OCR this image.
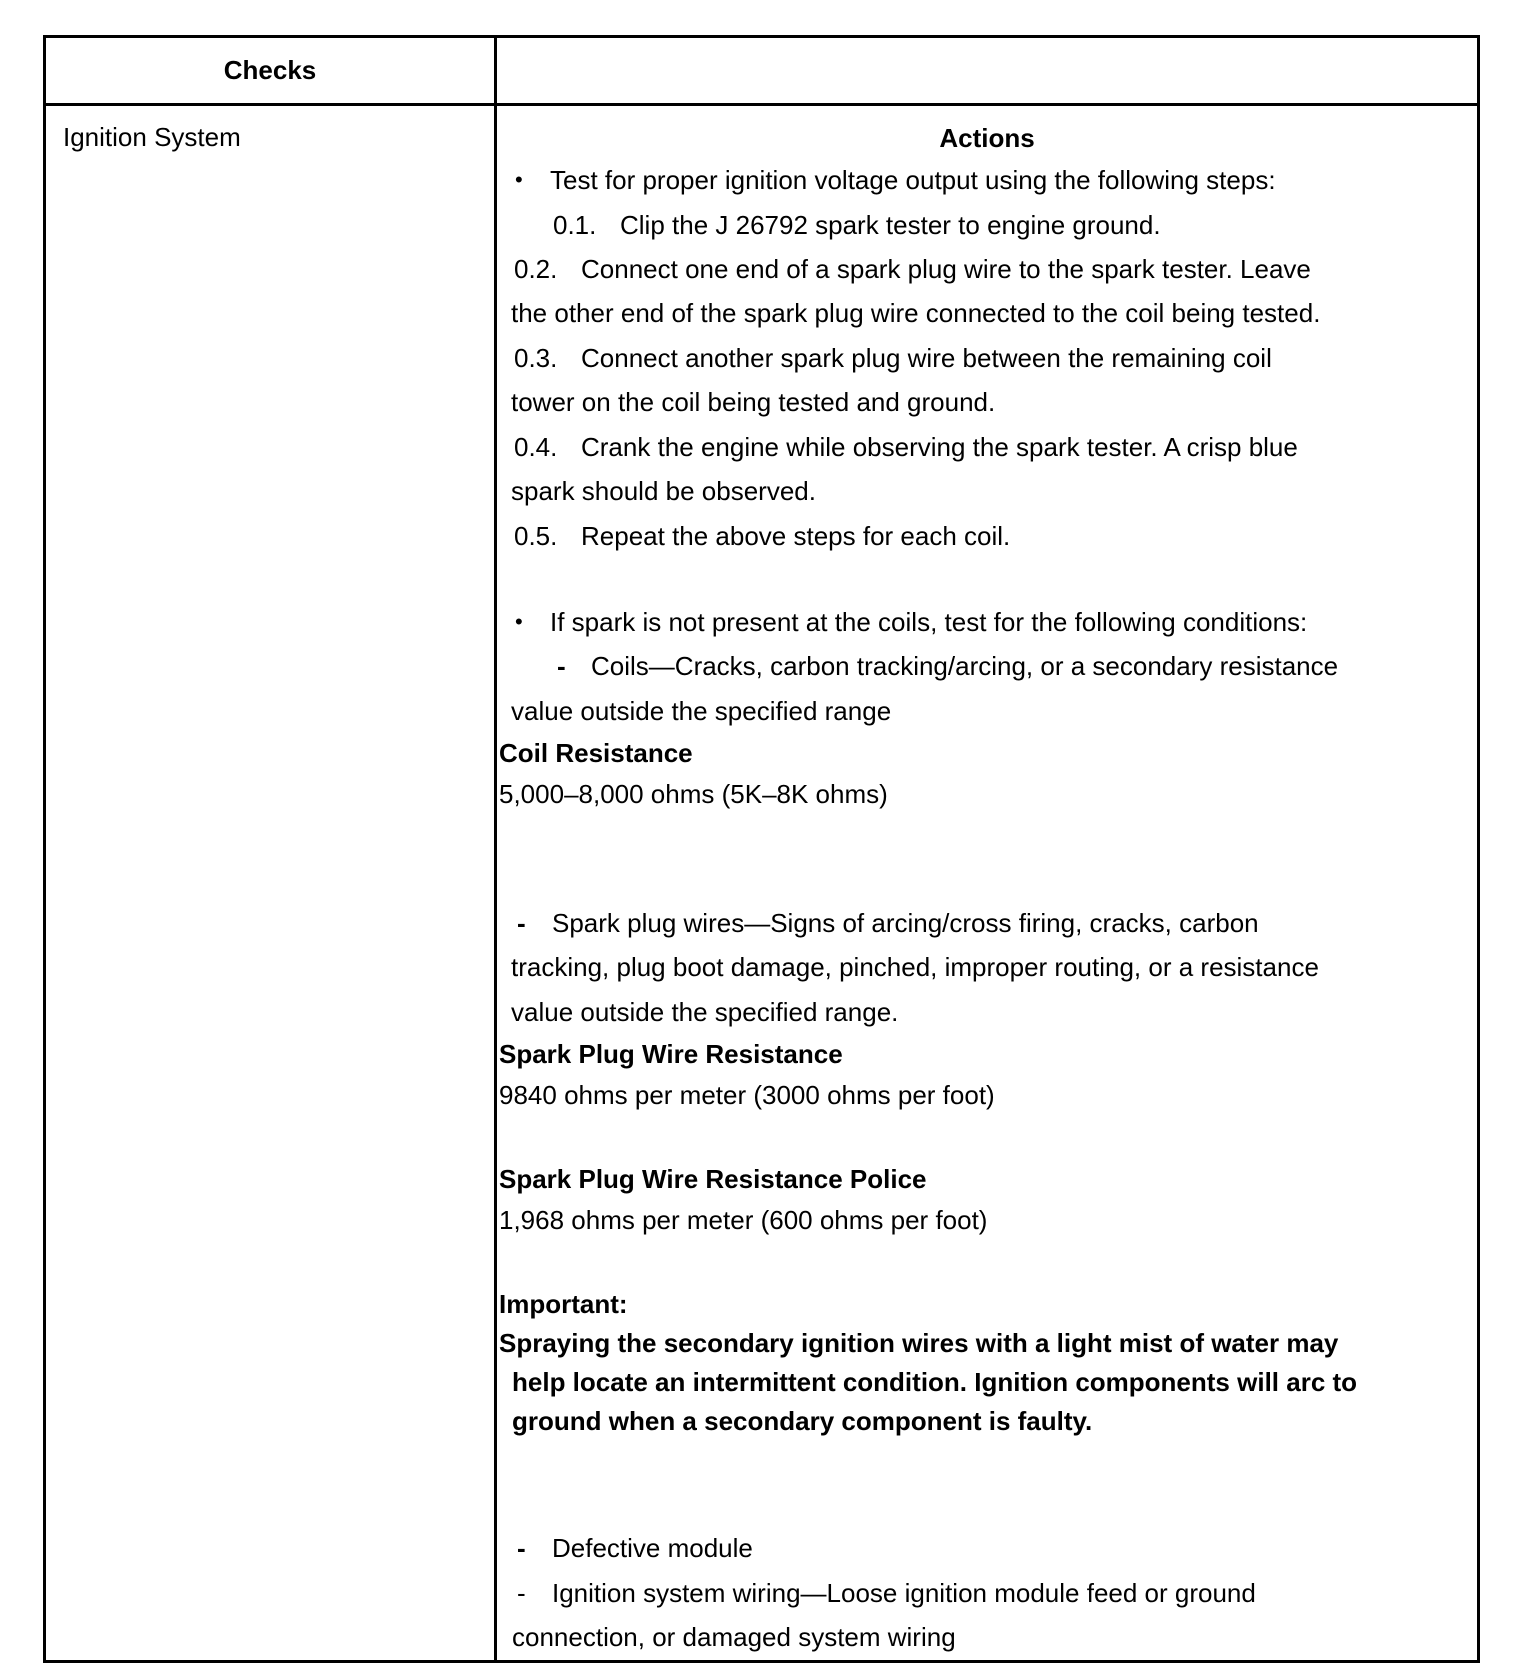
Checks
Actions
Ignition System
• Test for proper ignition voltage output using the following steps:
0.1. Clip the J 26792 spark tester to engine ground.
0.2. Connect one end of a spark plug wire to the spark tester. Leave
the other end of the spark plug wire connected to the coil being tested.
0.3. Connect another spark plug wire between the remaining coil
tower on the coil being tested and ground.
0.4. Crank the engine while observing the spark tester. A crisp blue
spark should be observed.
0.5. Repeat the above steps for each coil.
• If spark is not present at the coils, test for the following conditions:
- Coils—Cracks, carbon tracking/arcing, or a secondary resistance
value outside the specified range
Coil Resistance
5,000–8,000 ohms (5K–8K ohms)
- Spark plug wires—Signs of arcing/cross firing, cracks, carbon
tracking, plug boot damage, pinched, improper routing, or a resistance
value outside the specified range.
Spark Plug Wire Resistance
9840 ohms per meter (3000 ohms per foot)
Spark Plug Wire Resistance Police
1,968 ohms per meter (600 ohms per foot)
Important:
Spraying the secondary ignition wires with a light mist of water may
help locate an intermittent condition. Ignition components will arc to
ground when a secondary component is faulty.
- Defective module
- Ignition system wiring—Loose ignition module feed or ground
connection, or damaged system wiring
